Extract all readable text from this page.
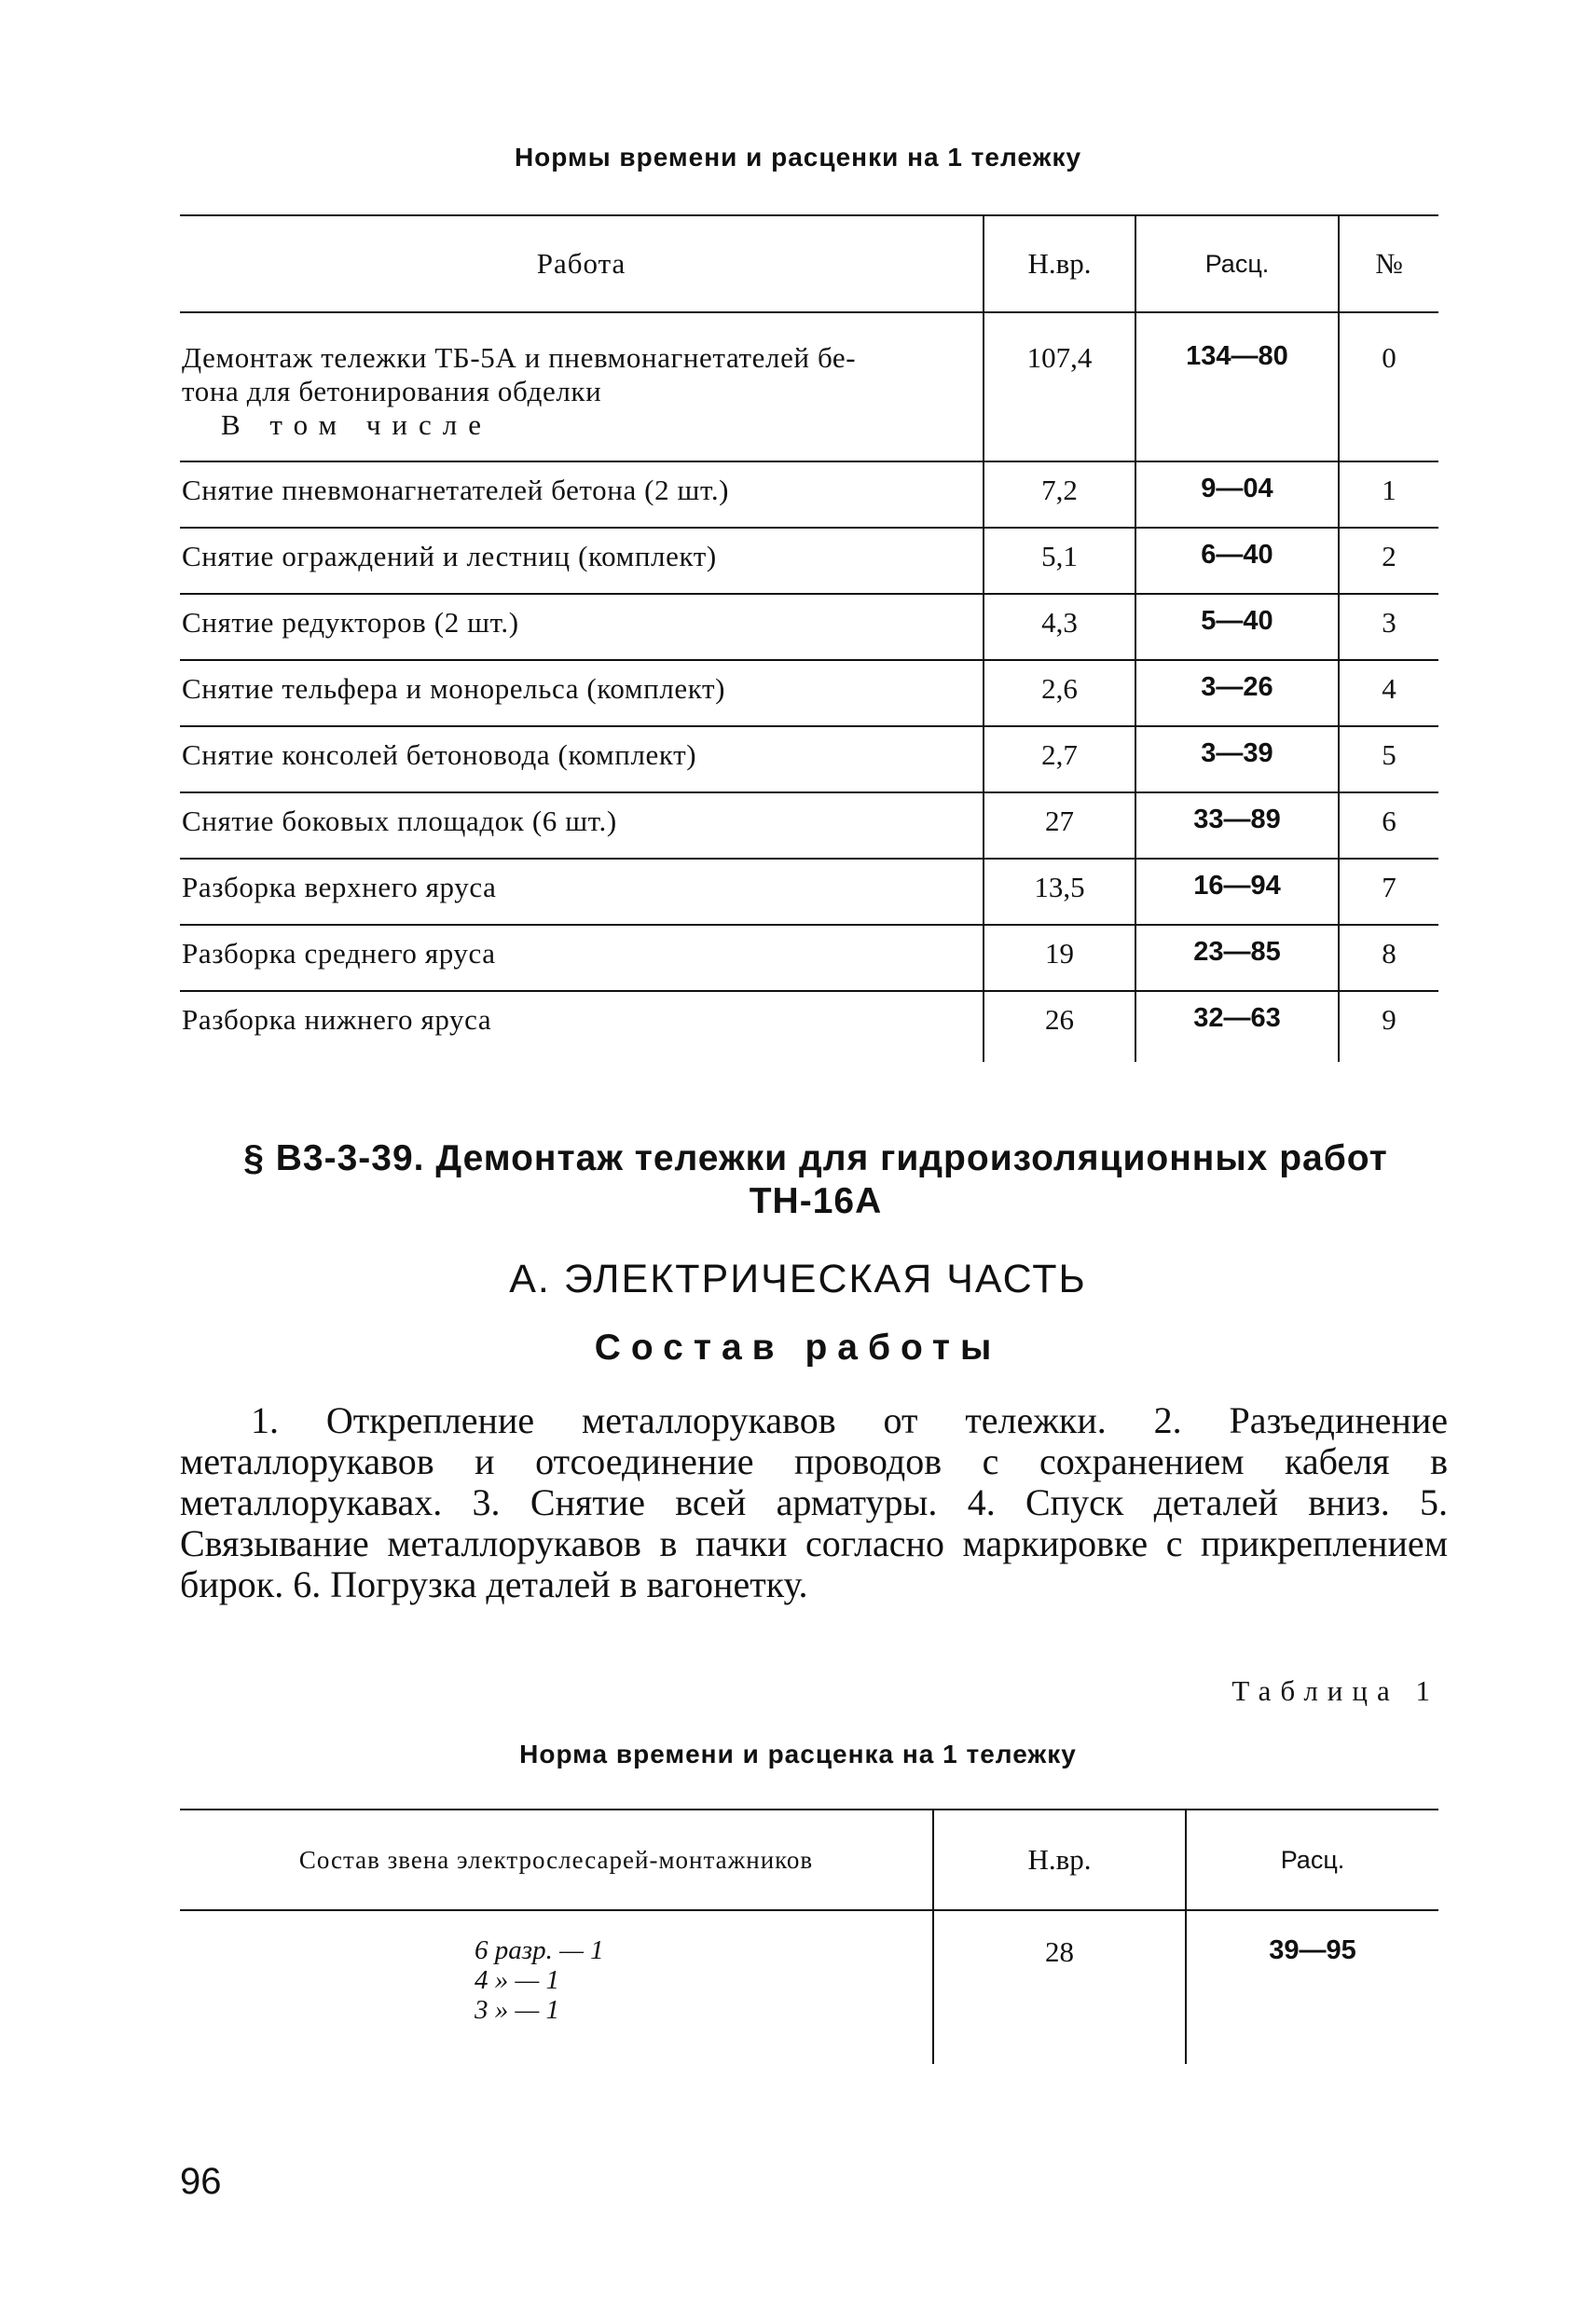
Нормы времени и расценки на 1 тележку
Работа	Н.вр.	Расц.	№

Демонтаж тележки ТБ-5А и пневмонагнетателей бе-
тона для бетонирования обделки
В том числе	107,4	134—80	0
Снятие пневмонагнетателей бетона (2 шт.)	7,2	9—04	1
Снятие ограждений и лестниц (комплект)	5,1	6—40	2
Снятие редукторов (2 шт.)	4,3	5—40	3
Снятие тельфера и монорельса (комплект)	2,6	3—26	4
Снятие консолей бетоновода (комплект)	2,7	3—39	5
Снятие боковых площадок (6 шт.)	27	33—89	6
Разборка верхнего яруса	13,5	16—94	7
Разборка среднего яруса	19	23—85	8
Разборка нижнего яруса	26	32—63	9
§ В3-3-39. Демонтаж тележки для гидроизоляционных работ
ТН-16А
А. ЭЛЕКТРИЧЕСКАЯ ЧАСТЬ
Состав работы
1. Открепление металлорукавов от тележки. 2. Разъединение металлорукавов и отсоединение проводов с сохранением кабеля в металлорукавах. 3. Снятие всей арматуры. 4. Спуск деталей вниз. 5. Связывание металлорукавов в пачки согласно маркировке с прикреплением бирок. 6. Погрузка деталей в вагонетку.
Таблица 1
Норма времени и расценка на 1 тележку
Состав звена электрослесарей-монтажников	Н.вр.	Расц.

6 разр. — 1
4 » — 1
3 » — 1	28	39—95
96
